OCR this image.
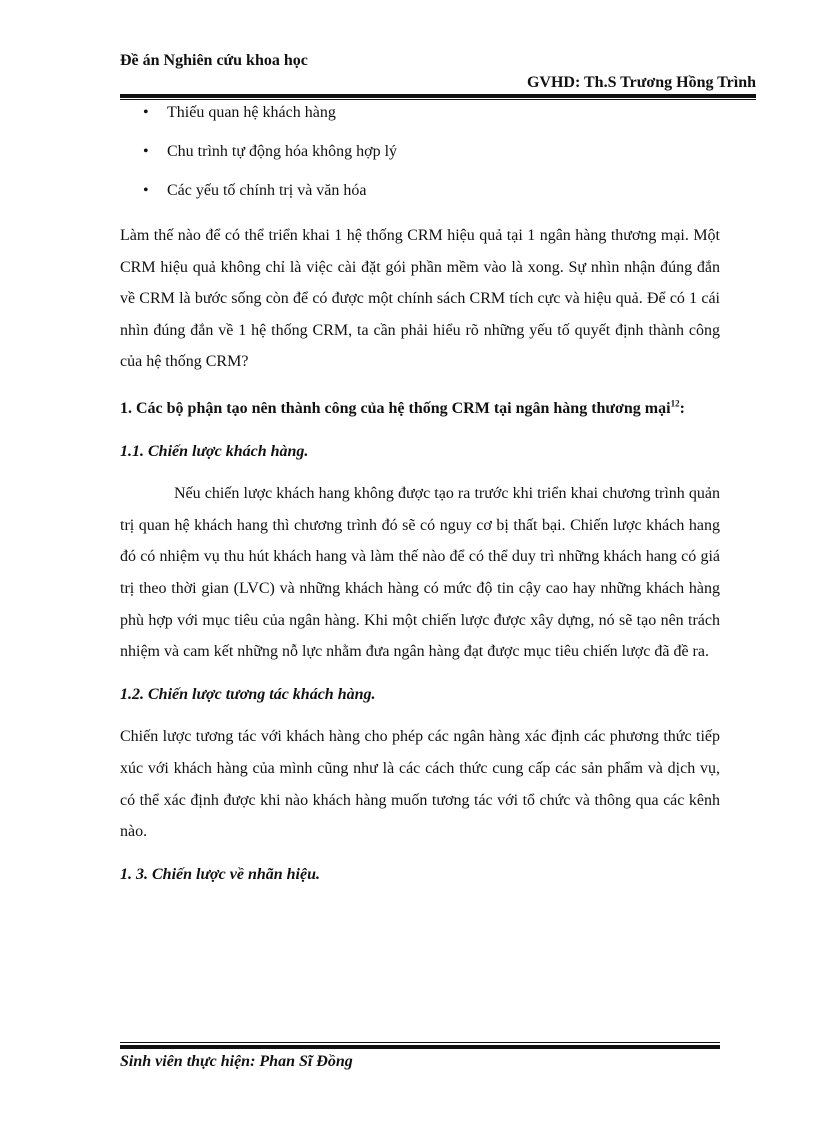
Đề án Nghiên cứu khoa học
GVHD: Th.S Trương Hồng Trình
• Thiếu quan hệ khách hàng
• Chu trình tự động hóa không hợp lý
• Các yếu tố chính trị và văn hóa

Làm thế nào để có thể triển khai 1 hệ thống CRM hiệu quả tại 1 ngân hàng thương mại. Một CRM hiệu quả không chỉ là việc cài đặt gói phần mềm vào là xong. Sự nhìn nhận đúng đắn về CRM là bước sống còn để có được một chính sách CRM tích cực và hiệu quả. Để có 1 cái nhìn đúng đắn về 1 hệ thống CRM, ta cần phải hiểu rõ những yếu tố quyết định thành công của hệ thống CRM?

1. Các bộ phận tạo nên thành công của hệ thống CRM tại ngân hàng thương mại$^{12}$:
1.1. Chiến lược khách hàng.

Nếu chiến lược khách hang không được tạo ra trước khi triển khai chương trình quản trị quan hệ khách hang thì chương trình đó sẽ có nguy cơ bị thất bại. Chiến lược khách hang đó có nhiệm vụ thu hút khách hang và làm thế nào để có thể duy trì những khách hang có giá trị theo thời gian (LVC) và những khách hàng có mức độ tin cậy cao hay những khách hàng phù hợp với mục tiêu của ngân hàng. Khi một chiến lược được xây dựng, nó sẽ tạo nên trách nhiệm và cam kết những nỗ lực nhằm đưa ngân hàng đạt được mục tiêu chiến lược đã đề ra.

1.2. Chiến lược tương tác khách hàng.

Chiến lược tương tác với khách hàng cho phép các ngân hàng xác định các phương thức tiếp xúc với khách hàng của mình cũng như là các cách thức cung cấp các sản phẩm và dịch vụ, có thể xác định được khi nào khách hàng muốn tương tác với tổ chức và thông qua các kênh nào.

1. 3. Chiến lược về nhãn hiệu.
Sinh viên thực hiện: Phan Sĩ Đồng
